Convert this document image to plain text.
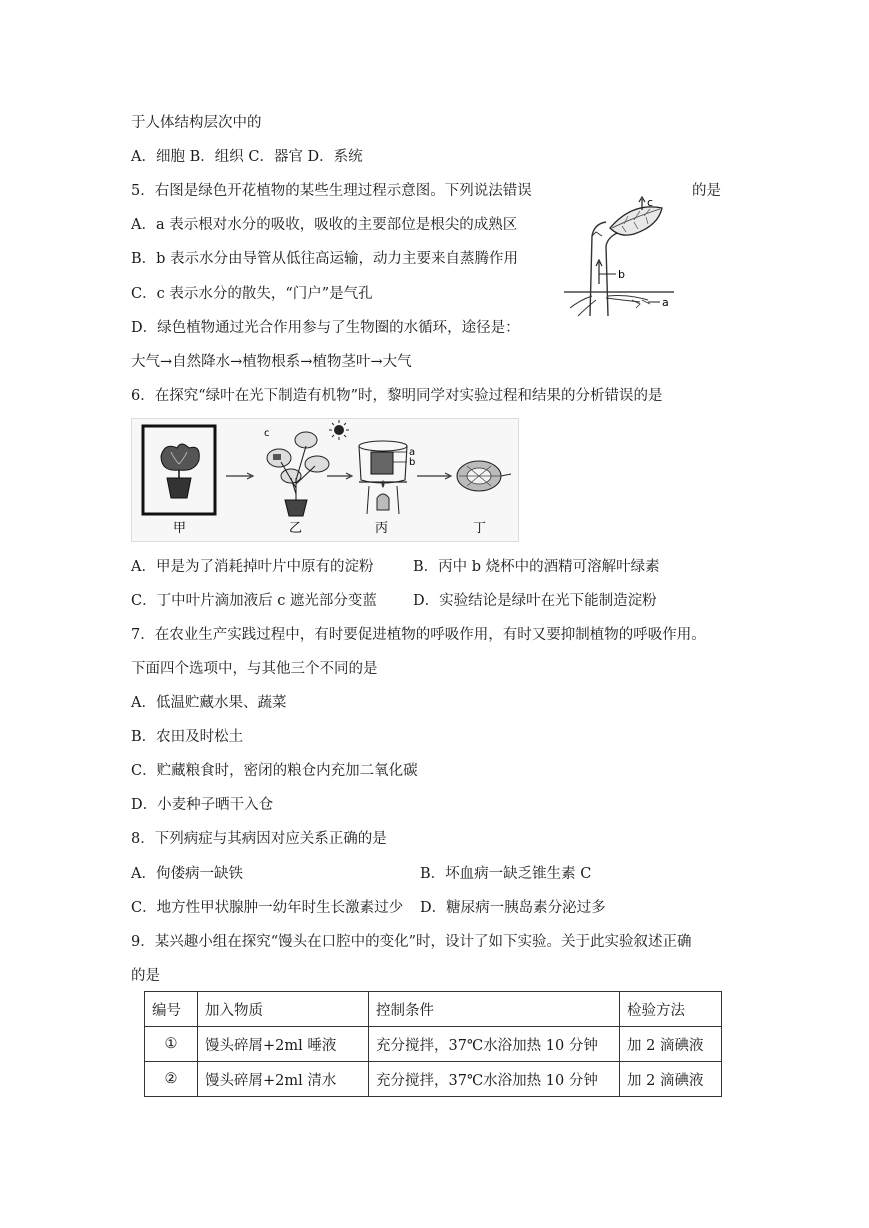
于人体结构层次中的
A．细胞 B．组织 C．器官 D．系统
5．右图是绿色开花植物的某些生理过程示意图。下列说法错误	的是
A．a 表示根对水分的吸收，吸收的主要部位是根尖的成熟区
B．b 表示水分由导管从低往高运输，动力主要来自蒸腾作用
C．c 表示水分的散失，“门户”是气孔
D．绿色植物通过光合作用参与了生物圈的水循环，途径是：
大气→自然降水→植物根系→植物茎叶→大气
c
b
a
6．在探究“绿叶在光下制造有机物”时，黎明同学对实验过程和结果的分析错误的是
甲
c
乙
a
b
丙	丁
A．甲是为了消耗掉叶片中原有的淀粉	B．丙中 b 烧杯中的酒精可溶解叶绿素
C．丁中叶片滴加液后 c 遮光部分变蓝 D．实验结论是绿叶在光下能制造淀粉
7．在农业生产实践过程中，有时要促进植物的呼吸作用，有时又要抑制植物的呼吸作用。
下面四个选项中，与其他三个不同的是
A．低温贮藏水果、蔬菜
B．农田及时松土
C．贮藏粮食时，密闭的粮仓内充加二氧化碳
D．小麦种子晒干入仓
8．下列病症与其病因对应关系正确的是
A．佝偻病一缺铁	B．坏血病一缺乏锥生素 C
C．地方性甲状腺肿一幼年时生长激素过少 D．糖尿病一胰岛素分泌过多
9．某兴趣小组在探究“馒头在口腔中的变化”时，设计了如下实验。关于此实验叙述正确
的是
编号	加入物质	控制条件	检验方法
①	馒头碎屑+2ml 唾液	充分搅拌，37℃水浴加热 10 分钟	加 2 滴碘液
②	馒头碎屑+2ml 清水	充分搅拌，37℃水浴加热 10 分钟	加 2 滴碘液
